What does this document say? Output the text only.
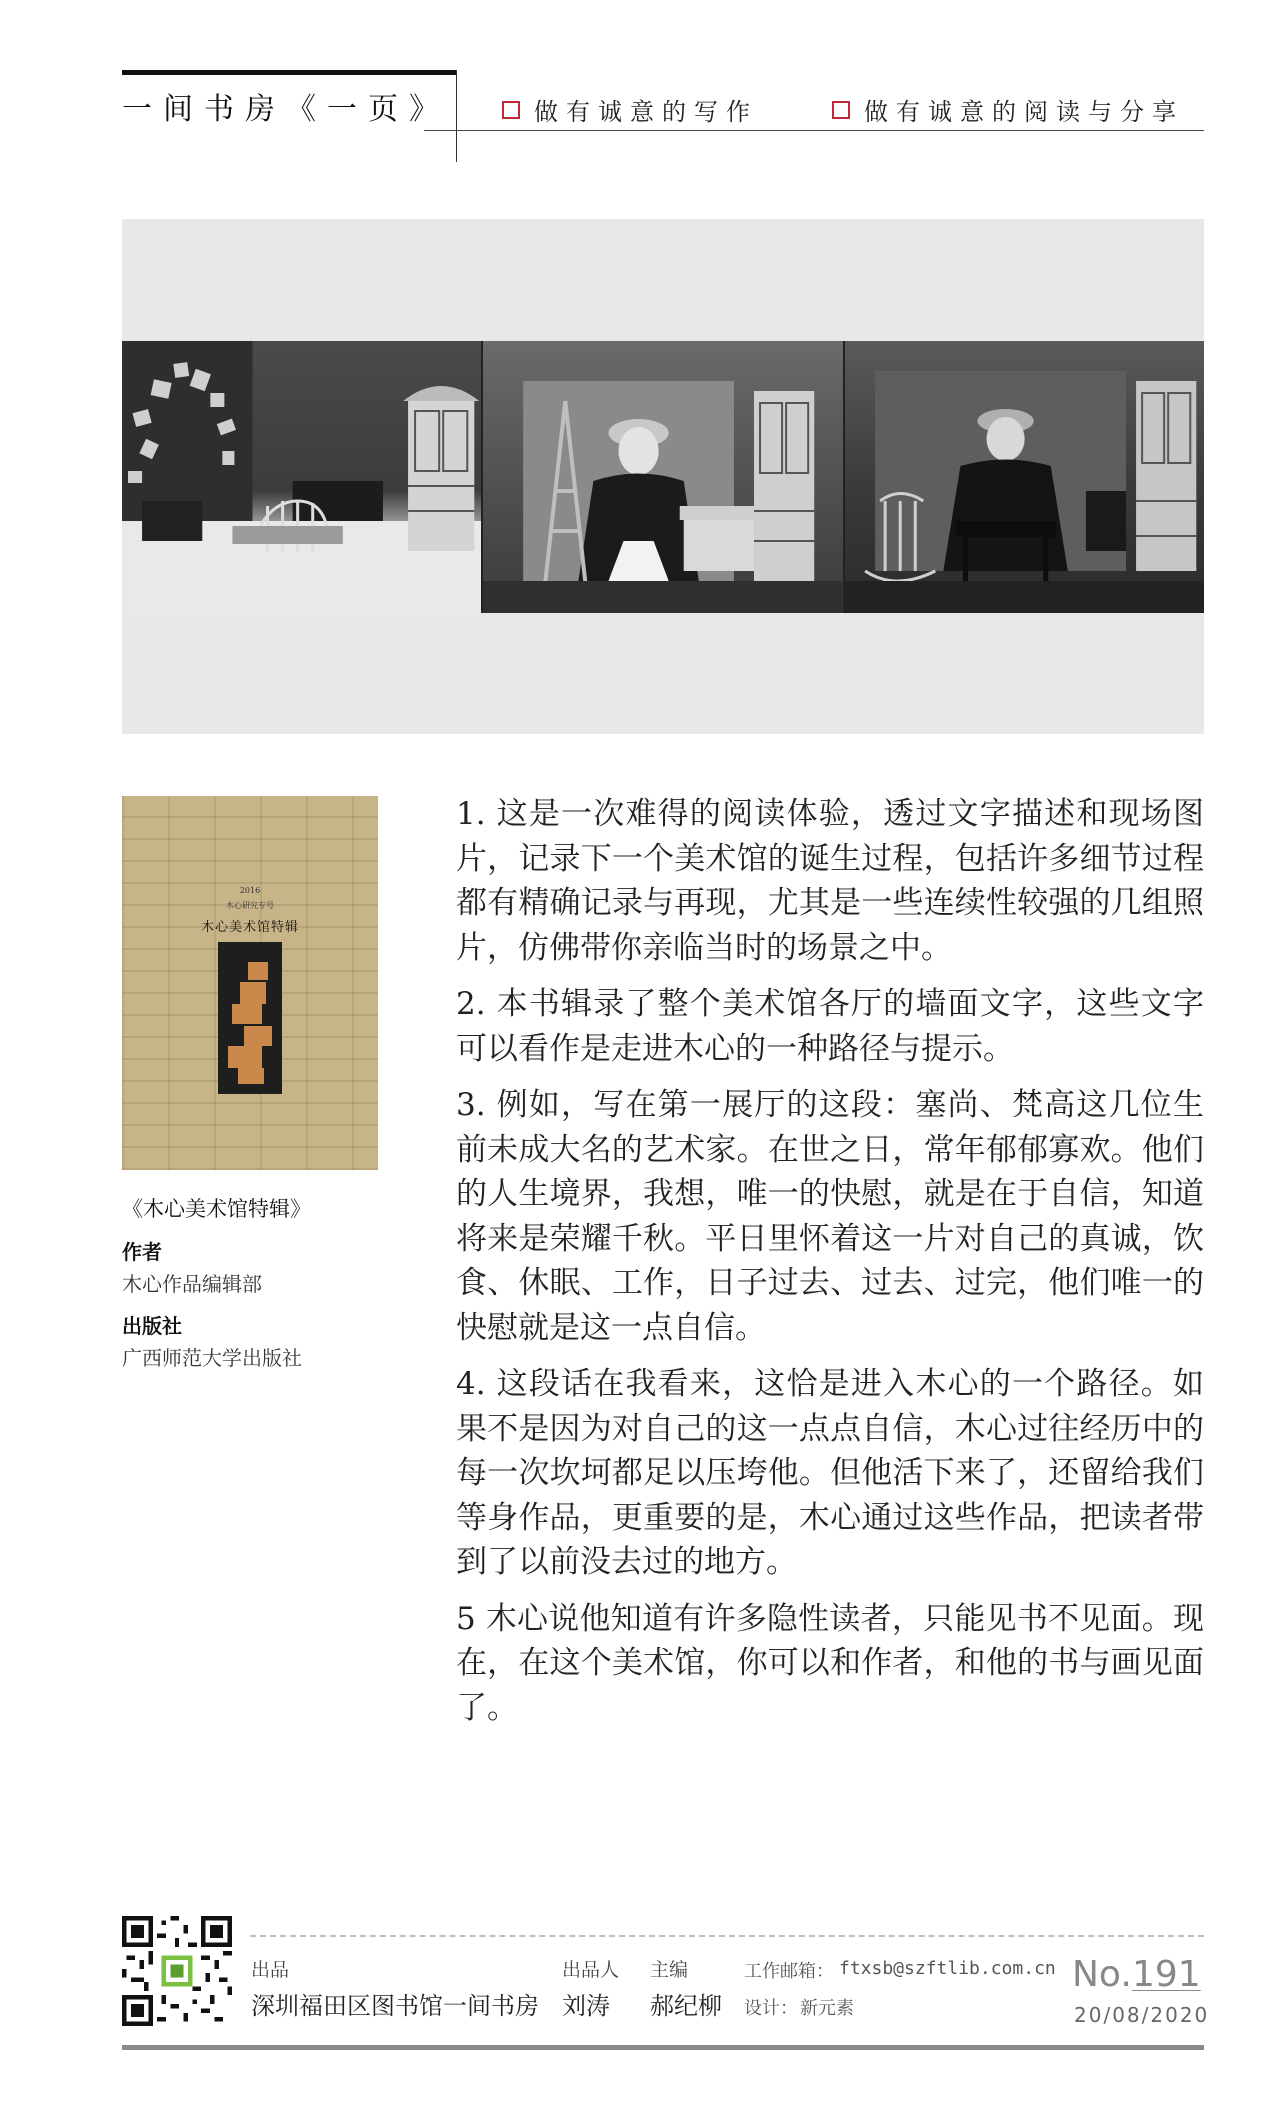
一间书房《一页》	做有诚意的写作	做有诚意的阅读与分享
2016
木心研究专号
木心美术馆特辑
《木心美术馆特辑》
作者
木心作品编辑部
出版社
广西师范大学出版社

1. 这是一次难得的阅读体验，透过文字描述和现场图片，记录下一个美术馆的诞生过程，包括许多细节过程都有精确记录与再现，尤其是一些连续性较强的几组照片，仿佛带你亲临当时的场景之中。

2. 本书辑录了整个美术馆各厅的墙面文字，这些文字可以看作是走进木心的一种路径与提示。

3. 例如，写在第一展厅的这段：塞尚、梵高这几位生前未成大名的艺术家。在世之日，常年郁郁寡欢。他们的人生境界，我想，唯一的快慰，就是在于自信，知道将来是荣耀千秋。平日里怀着这一片对自己的真诚，饮食、休眠、工作，日子过去、过去、过完，他们唯一的快慰就是这一点自信。

4. 这段话在我看来，这恰是进入木心的一个路径。如果不是因为对自己的这一点点自信，木心过往经历中的每一次坎坷都足以压垮他。但他活下来了，还留给我们等身作品，更重要的是，木心通过这些作品，把读者带到了以前没去过的地方。

5 木心说他知道有许多隐性读者，只能见书不见面。现在，在这个美术馆，你可以和作者，和他的书与画见面了。

出品
深圳福田区图书馆一间书房
出品人
刘涛
主编
郝纪柳
工作邮箱： ftxsb@szftlib.com.cn
设计： 新元素
No. 191
20/08/2020
